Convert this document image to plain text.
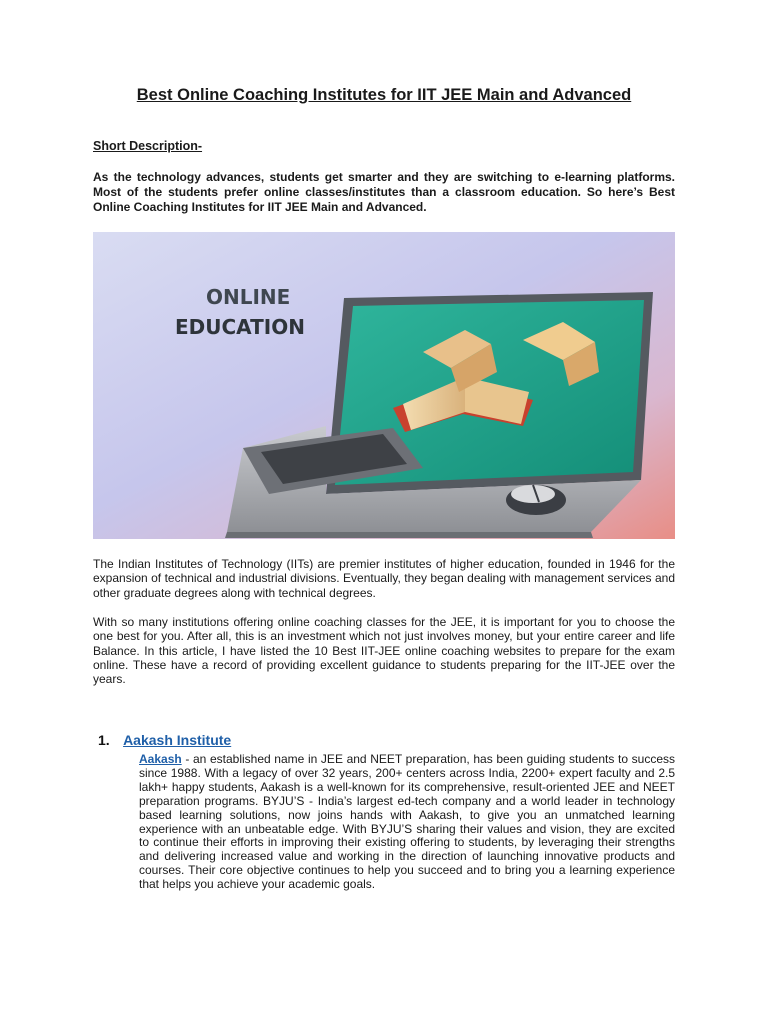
Best Online Coaching Institutes for IIT JEE Main and Advanced

Short Description-

As the technology advances, students get smarter and they are switching to e-learning platforms. Most of the students prefer online classes/institutes than a classroom education. So here’s Best Online Coaching Institutes for IIT JEE Main and Advanced.

ONLINE
EDUCATION

The Indian Institutes of Technology (IITs) are premier institutes of higher education, founded in 1946 for the expansion of technical and industrial divisions. Eventually, they began dealing with management services and other graduate degrees along with technical degrees.

With so many institutions offering online coaching classes for the JEE, it is important for you to choose the one best for you. After all, this is an investment which not just involves money, but your entire career and life Balance. In this article, I have listed the 10 Best IIT-JEE online coaching websites to prepare for the exam online. These have a record of providing excellent guidance to students preparing for the IIT-JEE over the years.

1. Aakash Institute

Aakash - an established name in JEE and NEET preparation, has been guiding students to success since 1988. With a legacy of over 32 years, 200+ centers across India, 2200+ expert faculty and 2.5 lakh+ happy students, Aakash is a well-known for its comprehensive, result-oriented JEE and NEET preparation programs. BYJU’S - India’s largest ed-tech company and a world leader in technology based learning solutions, now joins hands with Aakash, to give you an unmatched learning experience with an unbeatable edge. With BYJU’S sharing their values and vision, they are excited to continue their efforts in improving their existing offering to students, by leveraging their strengths and delivering increased value and working in the direction of launching innovative products and courses. Their core objective continues to help you succeed and to bring you a learning experience that helps you achieve your academic goals.
